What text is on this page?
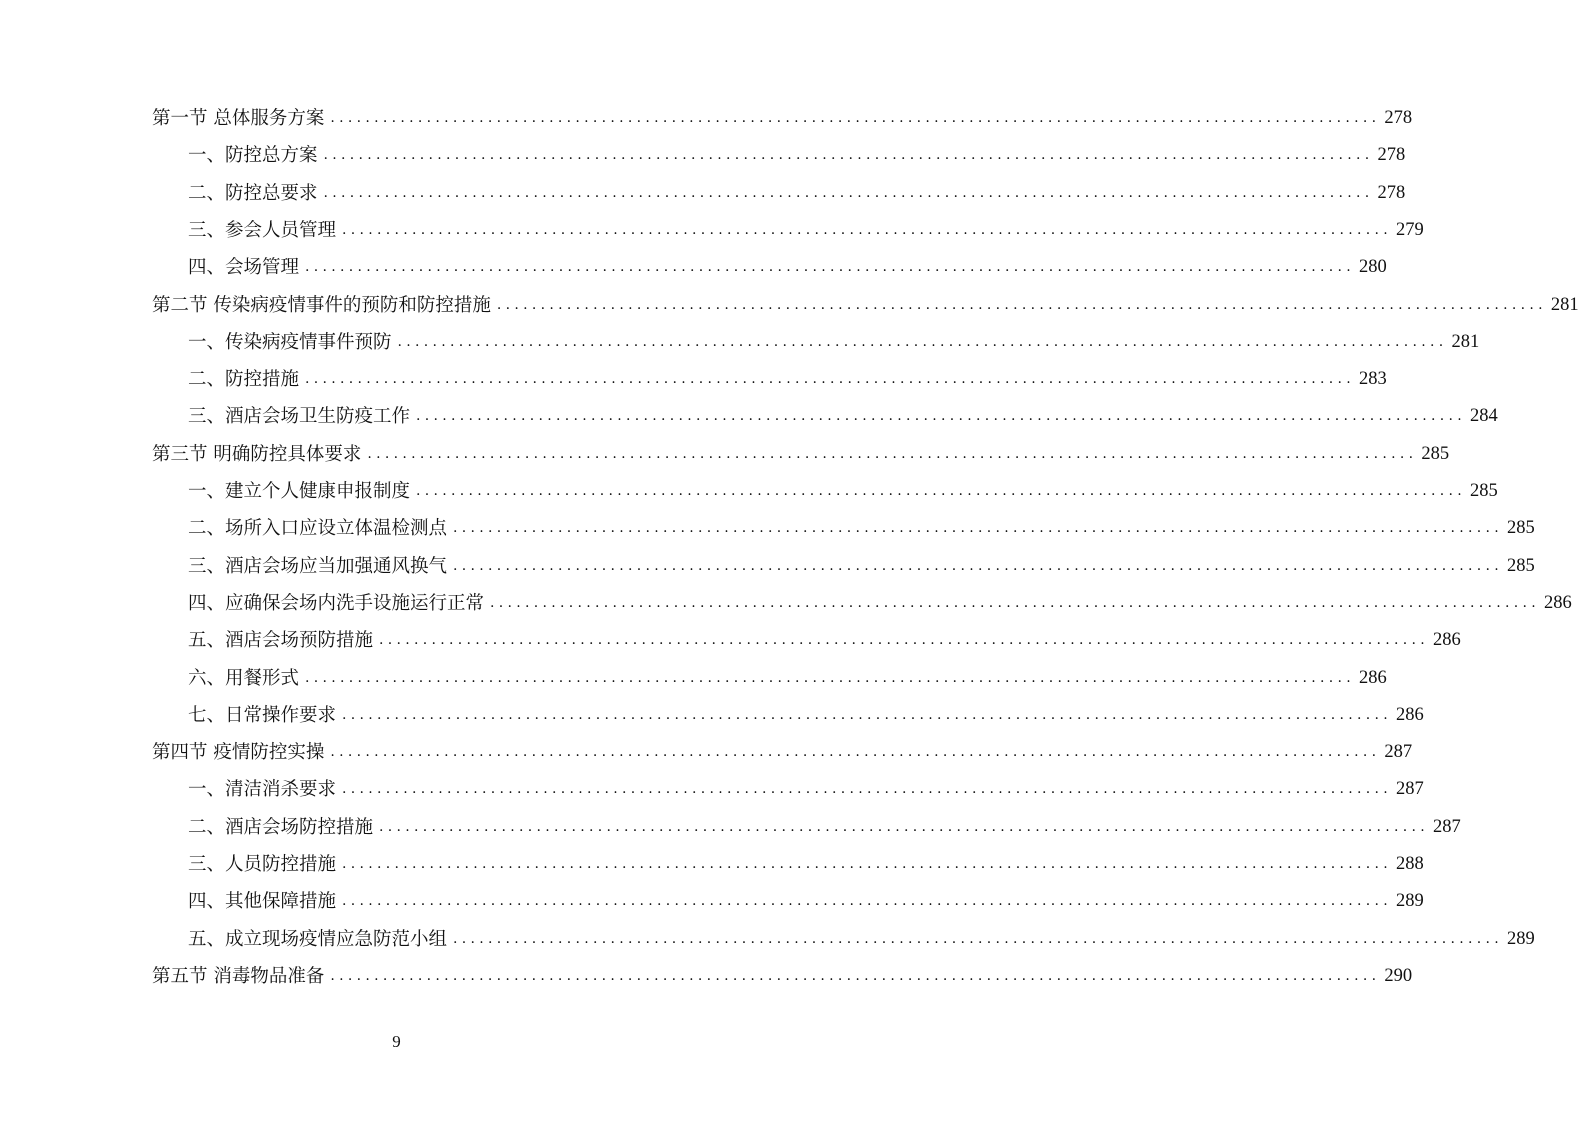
第一节 总体服务方案 ........................................................................................................................ 278
一、防控总方案 ........................................................................................................................ 278
二、防控总要求 ........................................................................................................................ 278
三、参会人员管理 ........................................................................................................................ 279
四、会场管理 ........................................................................................................................ 280
第二节 传染病疫情事件的预防和防控措施 ........................................................................................................................ 281
一、传染病疫情事件预防 ........................................................................................................................ 281
二、防控措施 ........................................................................................................................ 283
三、酒店会场卫生防疫工作 ........................................................................................................................ 284
第三节 明确防控具体要求 ........................................................................................................................ 285
一、建立个人健康申报制度 ........................................................................................................................ 285
二、场所入口应设立体温检测点 ........................................................................................................................ 285
三、酒店会场应当加强通风换气 ........................................................................................................................ 285
四、应确保会场内洗手设施运行正常 ........................................................................................................................ 286
五、酒店会场预防措施 ........................................................................................................................ 286
六、用餐形式 ........................................................................................................................ 286
七、日常操作要求 ........................................................................................................................ 286
第四节 疫情防控实操 ........................................................................................................................ 287
一、清洁消杀要求 ........................................................................................................................ 287
二、酒店会场防控措施 ........................................................................................................................ 287
三、人员防控措施 ........................................................................................................................ 288
四、其他保障措施 ........................................................................................................................ 289
五、成立现场疫情应急防范小组 ........................................................................................................................ 289
第五节 消毒物品准备 ........................................................................................................................ 290
9
